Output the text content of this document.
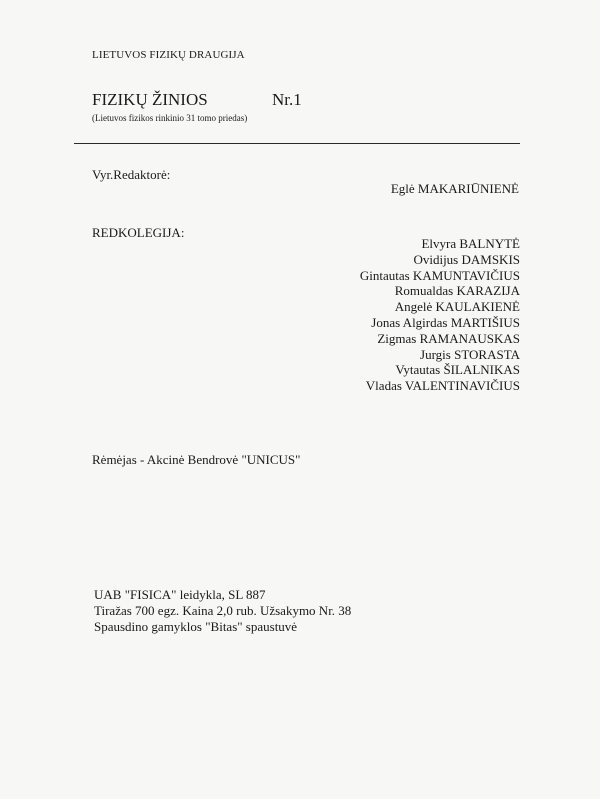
LIETUVOS FIZIKŲ DRAUGIJA
FIZIKŲ ŽINIOS	Nr.1
(Lietuvos fizikos rinkinio 31 tomo priedas)
Vyr.Redaktorė:
Eglė MAKARIŪNIENĖ
REDKOLEGIJA:
Elvyra BALNYTĖ
Ovidijus DAMSKIS
Gintautas KAMUNTAVIČIUS
Romualdas KARAZIJA
Angelė KAULAKIENĖ
Jonas Algirdas MARTIŠIUS
Zigmas RAMANAUSKAS
Jurgis STORASTA
Vytautas ŠILALNIKAS
Vladas VALENTINAVIČIUS
Rėmėjas - Akcinė Bendrovė "UNICUS"
UAB "FISICA" leidykla, SL 887
Tiražas 700 egz. Kaina 2,0 rub. Užsakymo Nr. 38
Spausdino gamyklos "Bitas" spaustuvė
